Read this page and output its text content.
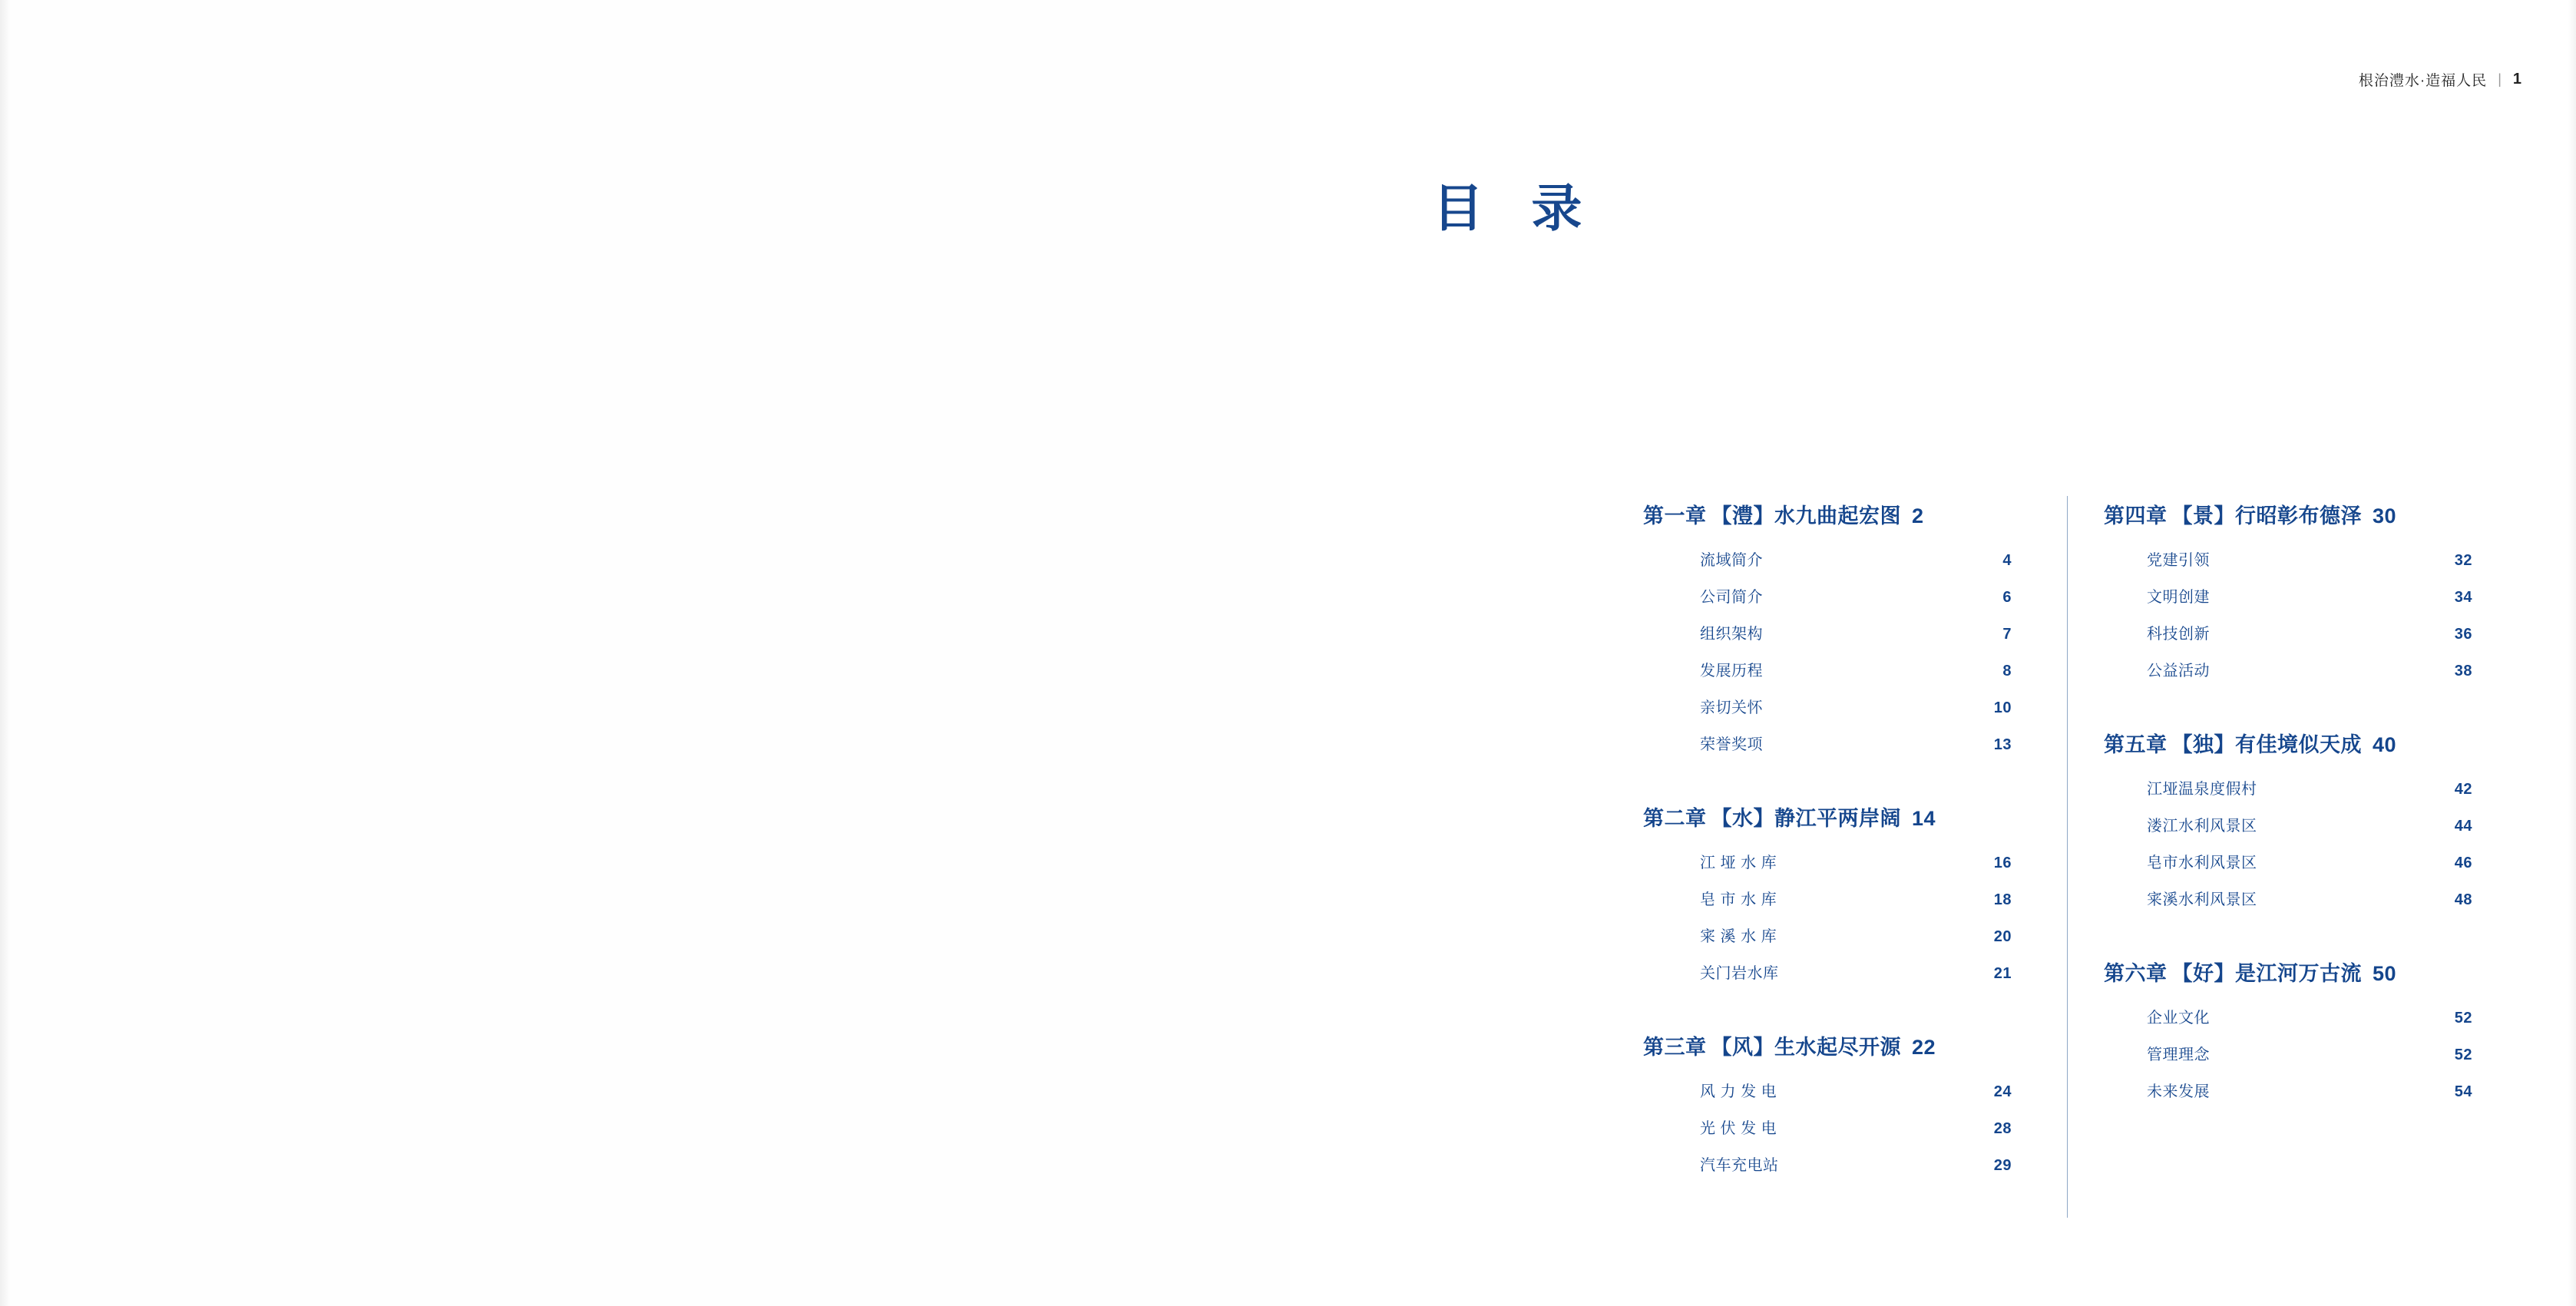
根治澧水·造福人民 | 1
目 录
第一章 【澧】水九曲起宏图 2
流域简介	4
公司简介	6
组织架构	7
发展历程	8
亲切关怀	10
荣誉奖项	13
第二章 【水】静江平两岸阔 14
江 垭 水 库	16
皂 市 水 库	18
宷 溪 水 库	20
关门岩水库	21
第三章 【风】生水起尽开源 22
风 力 发 电	24
光 伏 发 电	28
汽车充电站	29
第四章 【景】行昭彰布德泽 30
党建引领	32
文明创建	34
科技创新	36
公益活动	38
第五章 【独】有佳境似天成 40
江垭温泉度假村	42
溇江水利风景区	44
皂市水利风景区	46
宷溪水利风景区	48
第六章 【好】是江河万古流 50
企业文化	52
管理理念	52
未来发展	54
